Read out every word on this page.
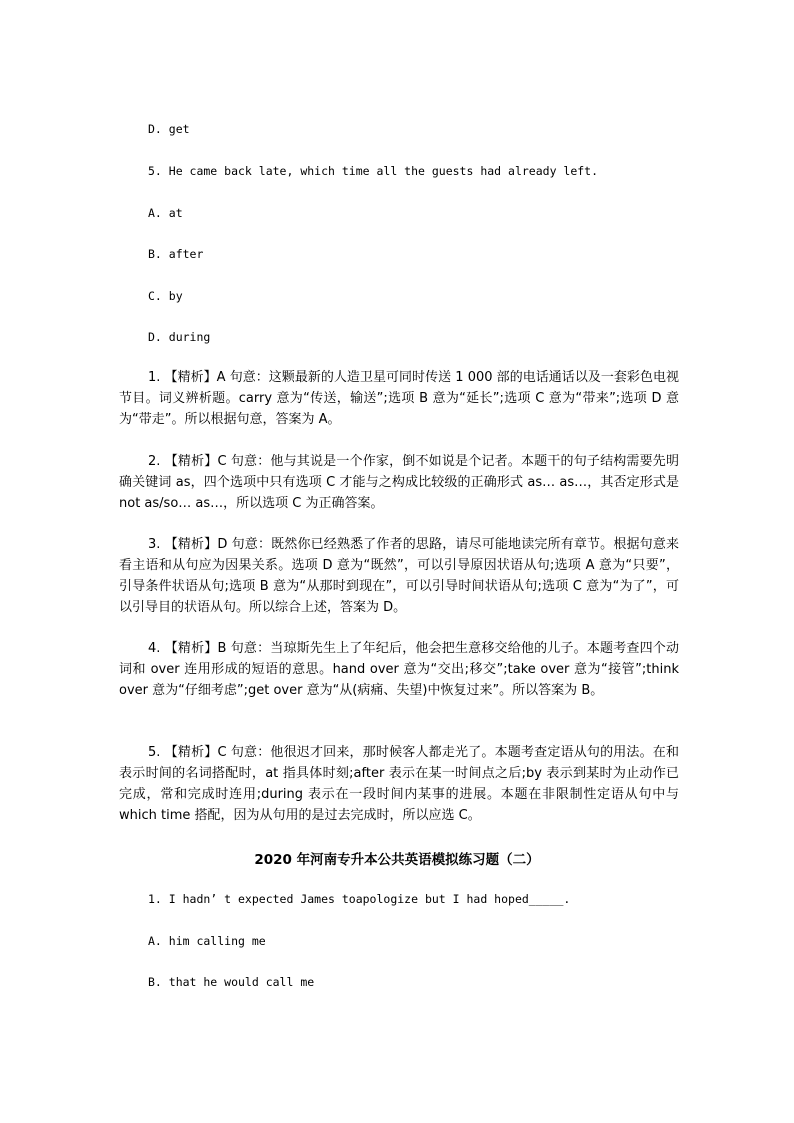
D. get
5. He came back late, which time all the guests had already left.
A. at
B. after
C. by
D. during
1. 【精析】A 句意：这颗最新的人造卫星可同时传送 1 000 部的电话通话以及一套彩色电视节目。词义辨析题。carry 意为“传送，输送”;选项 B 意为“延长”;选项 C 意为“带来”;选项 D 意为“带走”。所以根据句意，答案为 A。
2. 【精析】C 句意：他与其说是一个作家，倒不如说是个记者。本题干的句子结构需要先明确关键词 as，四个选项中只有选项 C 才能与之构成比较级的正确形式 as… as…，其否定形式是 not as/so… as…，所以选项 C 为正确答案。
3. 【精析】D 句意：既然你已经熟悉了作者的思路，请尽可能地读完所有章节。根据句意来看主语和从句应为因果关系。选项 D 意为“既然”，可以引导原因状语从句;选项 A 意为“只要”，引导条件状语从句;选项 B 意为“从那时到现在”，可以引导时间状语从句;选项 C 意为“为了”，可以引导目的状语从句。所以综合上述，答案为 D。
4. 【精析】B 句意：当琼斯先生上了年纪后，他会把生意移交给他的儿子。本题考查四个动词和 over 连用形成的短语的意思。hand over 意为“交出;移交”;take over 意为“接管”;think over 意为“仔细考虑”;get over 意为“从(病痛、失望)中恢复过来”。所以答案为 B。
5. 【精析】C 句意：他很迟才回来，那时候客人都走光了。本题考查定语从句的用法。在和表示时间的名词搭配时，at 指具体时刻;after 表示在某一时间点之后;by 表示到某时为止动作已完成，常和完成时连用;during 表示在一段时间内某事的进展。本题在非限制性定语从句中与 which time 搭配，因为从句用的是过去完成时，所以应选 C。
2020 年河南专升本公共英语模拟练习题（二）
1. I hadn’ t expected James toapologize but I had hoped_____.
A. him calling me
B. that he would call me
